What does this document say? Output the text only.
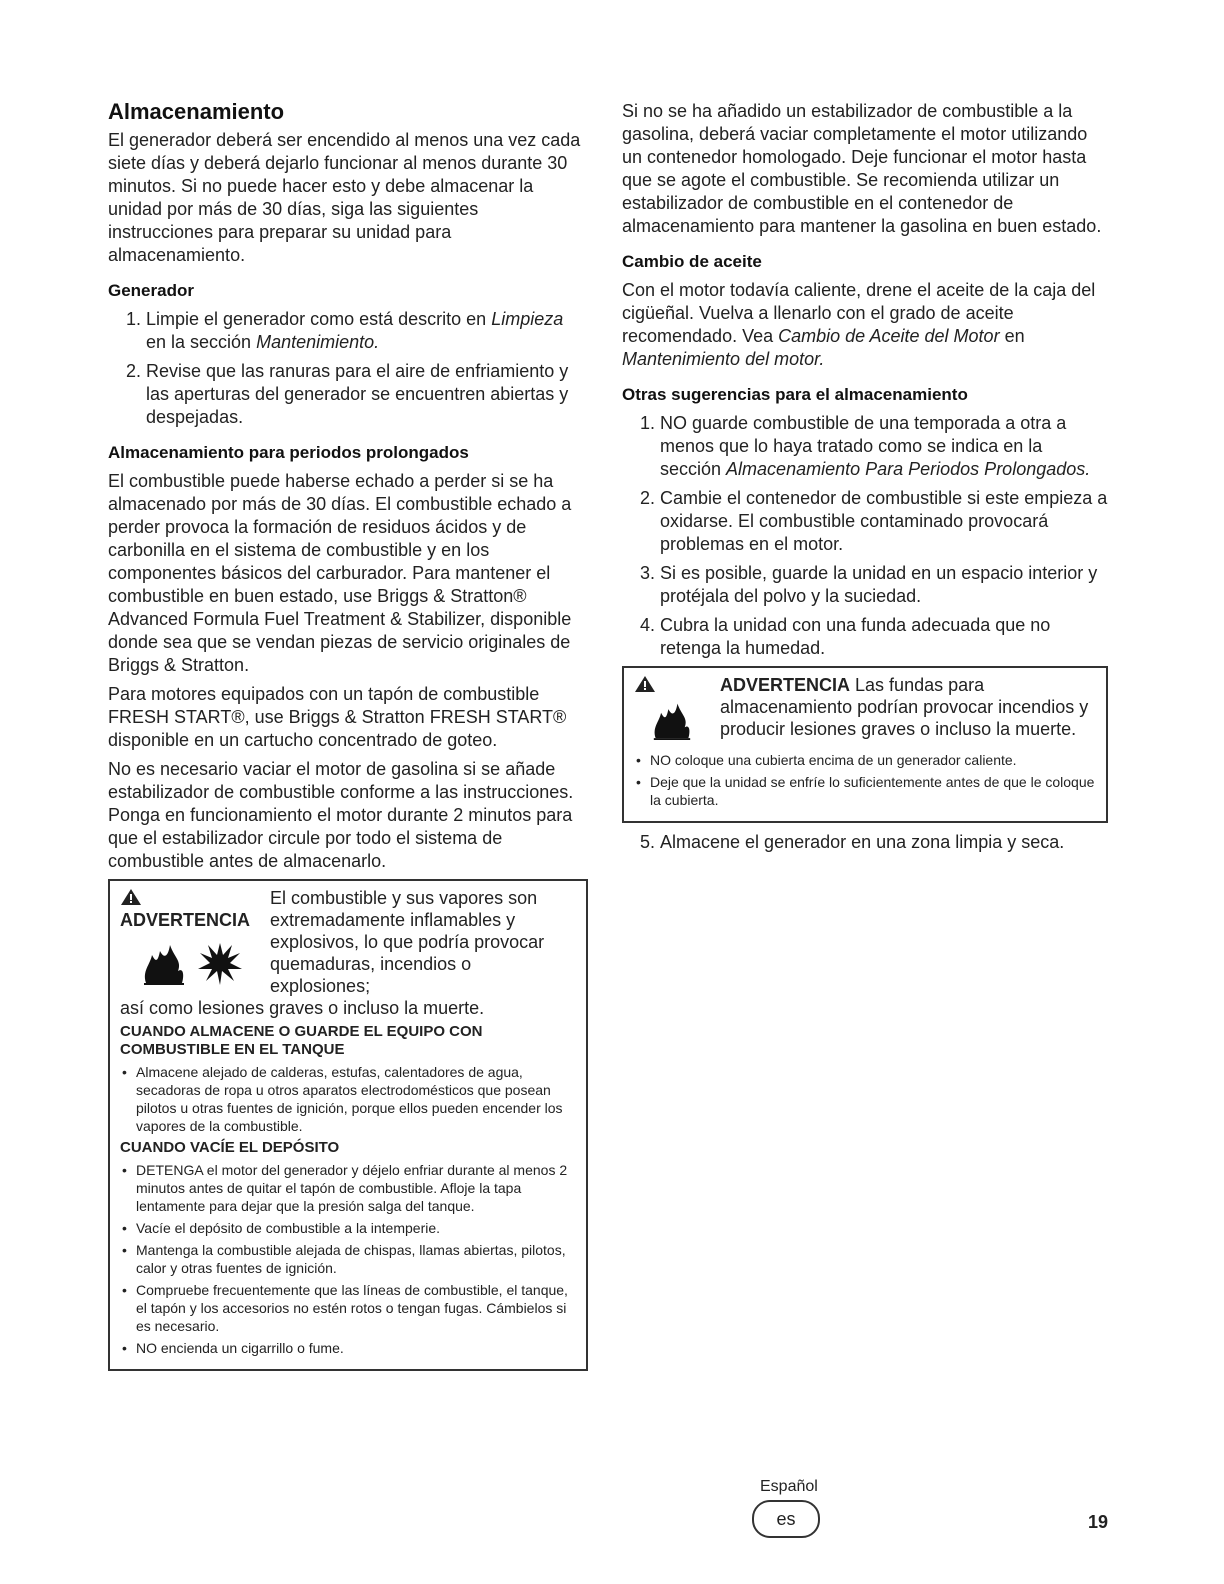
Almacenamiento

El generador deberá ser encendido al menos una vez cada siete días y deberá dejarlo funcionar al menos durante 30 minutos. Si no puede hacer esto y debe almacenar la unidad por más de 30 días, siga las siguientes instrucciones para preparar su unidad para almacenamiento.

Generador
1. Limpie el generador como está descrito en Limpieza en la sección Mantenimiento.
2. Revise que las ranuras para el aire de enfriamiento y las aperturas del generador se encuentren abiertas y despejadas.
Almacenamiento para periodos prolongados

El combustible puede haberse echado a perder si se ha almacenado por más de 30 días. El combustible echado a perder provoca la formación de residuos ácidos y de carbonilla en el sistema de combustible y en los componentes básicos del carburador. Para mantener el combustible en buen estado, use Briggs & Stratton® Advanced Formula Fuel Treatment & Stabilizer, disponible donde sea que se vendan piezas de servicio originales de Briggs & Stratton.

Para motores equipados con un tapón de combustible FRESH START®, use Briggs & Stratton FRESH START® disponible en un cartucho concentrado de goteo.

No es necesario vaciar el motor de gasolina si se añade estabilizador de combustible conforme a las instrucciones. Ponga en funcionamiento el motor durante 2 minutos para que el estabilizador circule por todo el sistema de combustible antes de almacenarlo.

ADVERTENCIA
El combustible y sus vapores son extremadamente inflamables y explosivos, lo que podría provocar quemaduras, incendios o explosiones;
así como lesiones graves o incluso la muerte.
CUANDO ALMACENE O GUARDE EL EQUIPO CON COMBUSTIBLE EN EL TANQUE
• Almacene alejado de calderas, estufas, calentadores de agua, secadoras de ropa u otros aparatos electrodomésticos que posean pilotos u otras fuentes de ignición, porque ellos pueden encender los vapores de la combustible.
CUANDO VACÍE EL DEPÓSITO
• DETENGA el motor del generador y déjelo enfriar durante al menos 2 minutos antes de quitar el tapón de combustible. Afloje la tapa lentamente para dejar que la presión salga del tanque.
• Vacíe el depósito de combustible a la intemperie.
• Mantenga la combustible alejada de chispas, llamas abiertas, pilotos, calor y otras fuentes de ignición.
• Compruebe frecuentemente que las líneas de combustible, el tanque, el tapón y los accesorios no estén rotos o tengan fugas. Cámbielos si es necesario.
• NO encienda un cigarrillo o fume.

Si no se ha añadido un estabilizador de combustible a la gasolina, deberá vaciar completamente el motor utilizando un contenedor homologado. Deje funcionar el motor hasta que se agote el combustible. Se recomienda utilizar un estabilizador de combustible en el contenedor de almacenamiento para mantener la gasolina en buen estado.

Cambio de aceite

Con el motor todavía caliente, drene el aceite de la caja del cigüeñal. Vuelva a llenarlo con el grado de aceite recomendado. Vea Cambio de Aceite del Motor en Mantenimiento del motor.

Otras sugerencias para el almacenamiento
1. NO guarde combustible de una temporada a otra a menos que lo haya tratado como se indica en la sección Almacenamiento Para Periodos Prolongados.
2. Cambie el contenedor de combustible si este empieza a oxidarse. El combustible contaminado provocará problemas en el motor.
3. Si es posible, guarde la unidad en un espacio interior y protéjala del polvo y la suciedad.
4. Cubra la unidad con una funda adecuada que no retenga la humedad.
ADVERTENCIA Las fundas para almacenamiento podrían provocar incendios y producir lesiones graves o incluso la muerte.
• NO coloque una cubierta encima de un generador caliente.
• Deje que la unidad se enfríe lo suficientemente antes de que le coloque la cubierta.
5. Almacene el generador en una zona limpia y seca.
Español
es	19
